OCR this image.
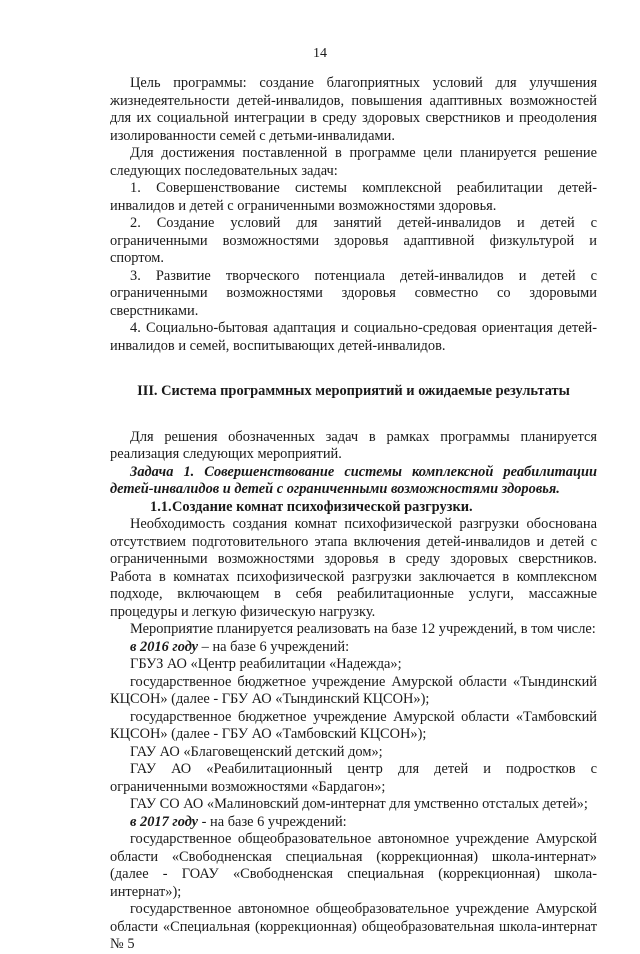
14

Цель программы: создание благоприятных условий для улучшения жизнедеятельности детей-инвалидов, повышения адаптивных возможностей для их социальной интеграции в среду здоровых сверстников и преодоления изолированности семей с детьми-инвалидами.

Для достижения поставленной в программе цели планируется решение следующих последовательных задач:

1. Совершенствование системы комплексной реабилитации детей-инвалидов и детей с ограниченными возможностями здоровья.

2. Создание условий для занятий детей-инвалидов и детей с ограниченными возможностями здоровья адаптивной физкультурой и спортом.

3. Развитие творческого потенциала детей-инвалидов и детей с ограниченными возможностями здоровья совместно со здоровыми сверстниками.

4. Социально-бытовая адаптация и социально-средовая ориентация детей-инвалидов и семей, воспитывающих детей-инвалидов.

III. Система программных мероприятий и ожидаемые результаты

Для решения обозначенных задач в рамках программы планируется реализация следующих мероприятий.

Задача 1. Совершенствование системы комплексной реабилитации детей-инвалидов и детей с ограниченными возможностями здоровья.

1.1.Создание комнат психофизической разгрузки.

Необходимость создания комнат психофизической разгрузки обоснована отсутствием подготовительного этапа включения детей-инвалидов и детей с ограниченными возможностями здоровья в среду здоровых сверстников. Работа в комнатах психофизической разгрузки заключается в комплексном подходе, включающем в себя реабилитационные услуги, массажные процедуры и легкую физическую нагрузку.

Мероприятие планируется реализовать на базе 12 учреждений, в том числе:

в 2016 году – на базе 6 учреждений:

ГБУЗ АО «Центр реабилитации «Надежда»;

государственное бюджетное учреждение Амурской области «Тындинский КЦСОН» (далее - ГБУ АО «Тындинский КЦСОН»);

государственное бюджетное учреждение Амурской области «Тамбовский КЦСОН» (далее - ГБУ АО «Тамбовский КЦСОН»);

ГАУ АО «Благовещенский детский дом»;

ГАУ АО «Реабилитационный центр для детей и подростков с ограниченными возможностями «Бардагон»;

ГАУ СО АО «Малиновский дом-интернат для умственно отсталых детей»;

в 2017 году - на базе 6 учреждений:

государственное общеобразовательное автономное учреждение Амурской области «Свободненская специальная (коррекционная) школа-интернат» (далее - ГОАУ «Свободненская специальная (коррекционная) школа-интернат»);

государственное автономное общеобразовательное учреждение Амурской области «Специальная (коррекционная) общеобразовательная школа-интернат № 5
